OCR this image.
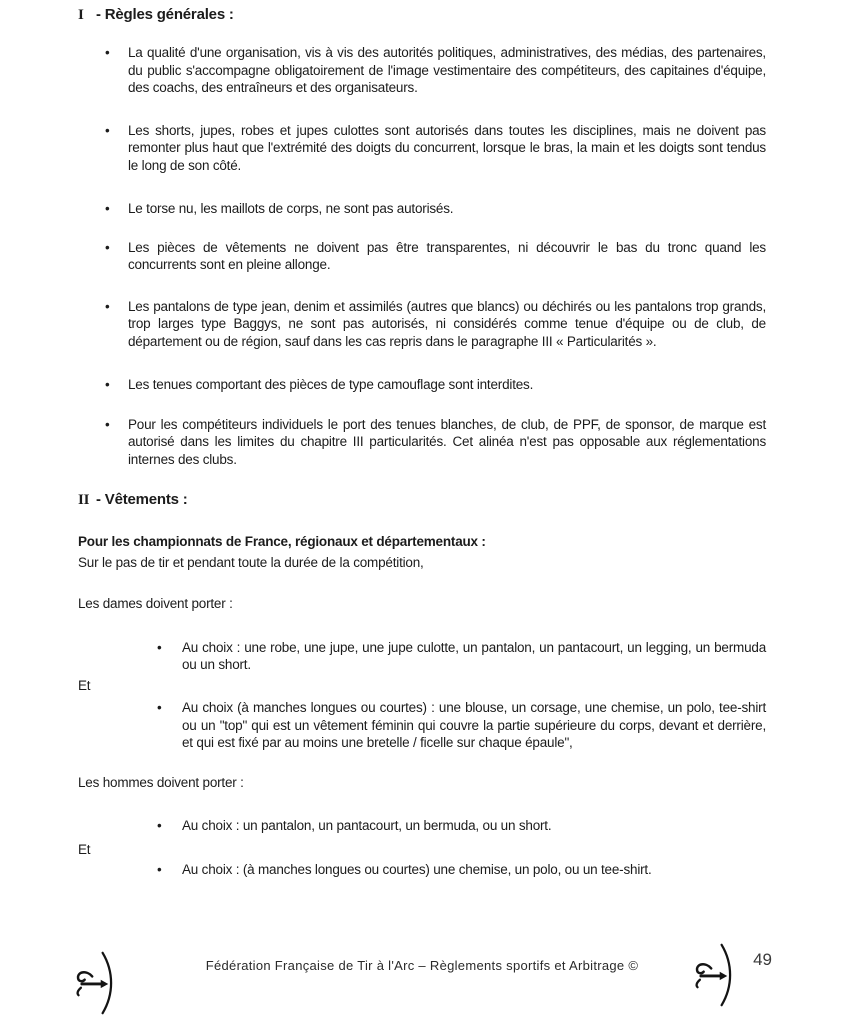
I - Règles générales :
•	La qualité d'une organisation, vis à vis des autorités politiques, administratives, des médias, des partenaires, du public s'accompagne obligatoirement de l'image vestimentaire des compétiteurs, des capitaines d'équipe, des coachs, des entraîneurs et des organisateurs.

•	Les shorts, jupes, robes et jupes culottes sont autorisés dans toutes les disciplines, mais ne doivent pas remonter plus haut que l'extrémité des doigts du concurrent, lorsque le bras, la main et les doigts sont tendus le long de son côté.

•	Le torse nu, les maillots de corps, ne sont pas autorisés.

•	Les pièces de vêtements ne doivent pas être transparentes, ni découvrir le bas du tronc quand les concurrents sont en pleine allonge.

•	Les pantalons de type jean, denim et assimilés (autres que blancs) ou déchirés ou les pantalons trop grands, trop larges type Baggys, ne sont pas autorisés, ni considérés comme tenue d'équipe ou de club, de département ou de région, sauf dans les cas repris dans le paragraphe III « Particularités ».

•	Les tenues comportant des pièces de type camouflage sont interdites.

•	Pour les compétiteurs individuels le port des tenues blanches, de club, de PPF, de sponsor, de marque est autorisé dans les limites du chapitre III particularités. Cet alinéa n'est pas opposable aux réglementations internes des clubs.

II - Vêtements :

Pour les championnats de France, régionaux et départementaux :

Sur le pas de tir et pendant toute la durée de la compétition,

Les dames doivent porter :

•	Au choix : une robe, une jupe, une jupe culotte, un pantalon, un pantacourt, un legging, un bermuda ou un short.

Et

•	Au choix (à manches longues ou courtes) : une blouse, un corsage, une chemise, un polo, tee-shirt ou un "top" qui est un vêtement féminin qui couvre la partie supérieure du corps, devant et derrière, et qui est fixé par au moins une bretelle / ficelle sur chaque épaule",

Les hommes doivent porter :

•	Au choix : un pantalon, un pantacourt, un bermuda, ou un short.

Et

•	Au choix : (à manches longues ou courtes) une chemise, un polo, ou un tee-shirt.

Fédération Française de Tir à l'Arc – Règlements sportifs et Arbitrage ©	49
